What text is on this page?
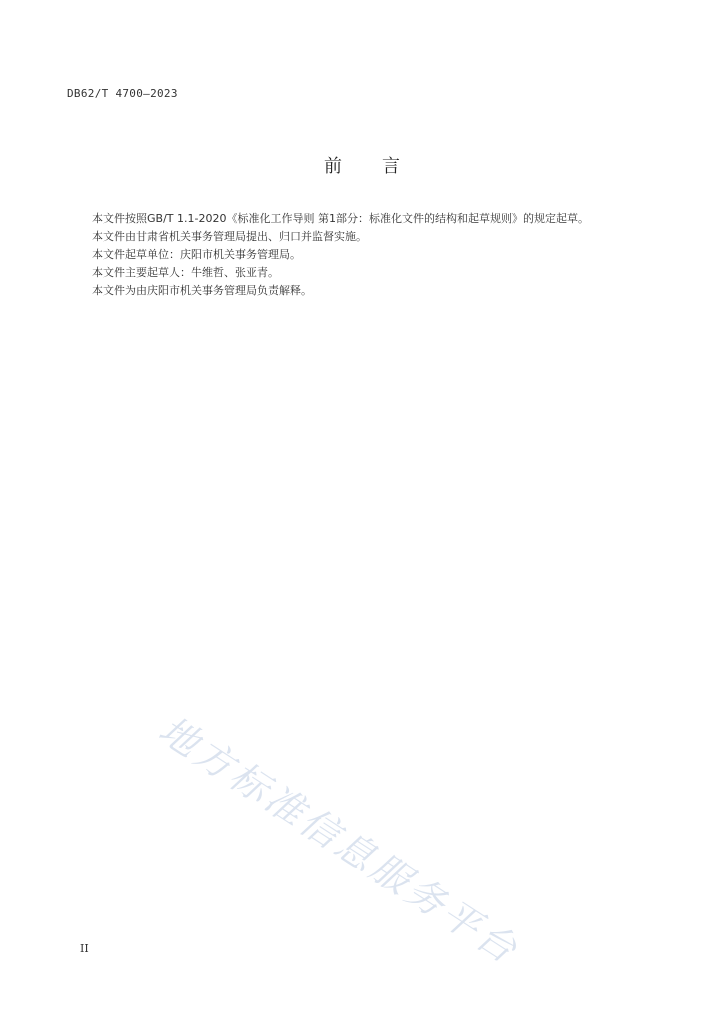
DB62/T 4700—2023
前言

本文件按照GB/T 1.1-2020《标准化工作导则 第1部分：标准化文件的结构和起草规则》的规定起草。

本文件由甘肃省机关事务管理局提出、归口并监督实施。

本文件起草单位：庆阳市机关事务管理局。

本文件主要起草人：牛维哲、张亚青。

本文件为由庆阳市机关事务管理局负责解释。

地方标准信息服务平台
II
